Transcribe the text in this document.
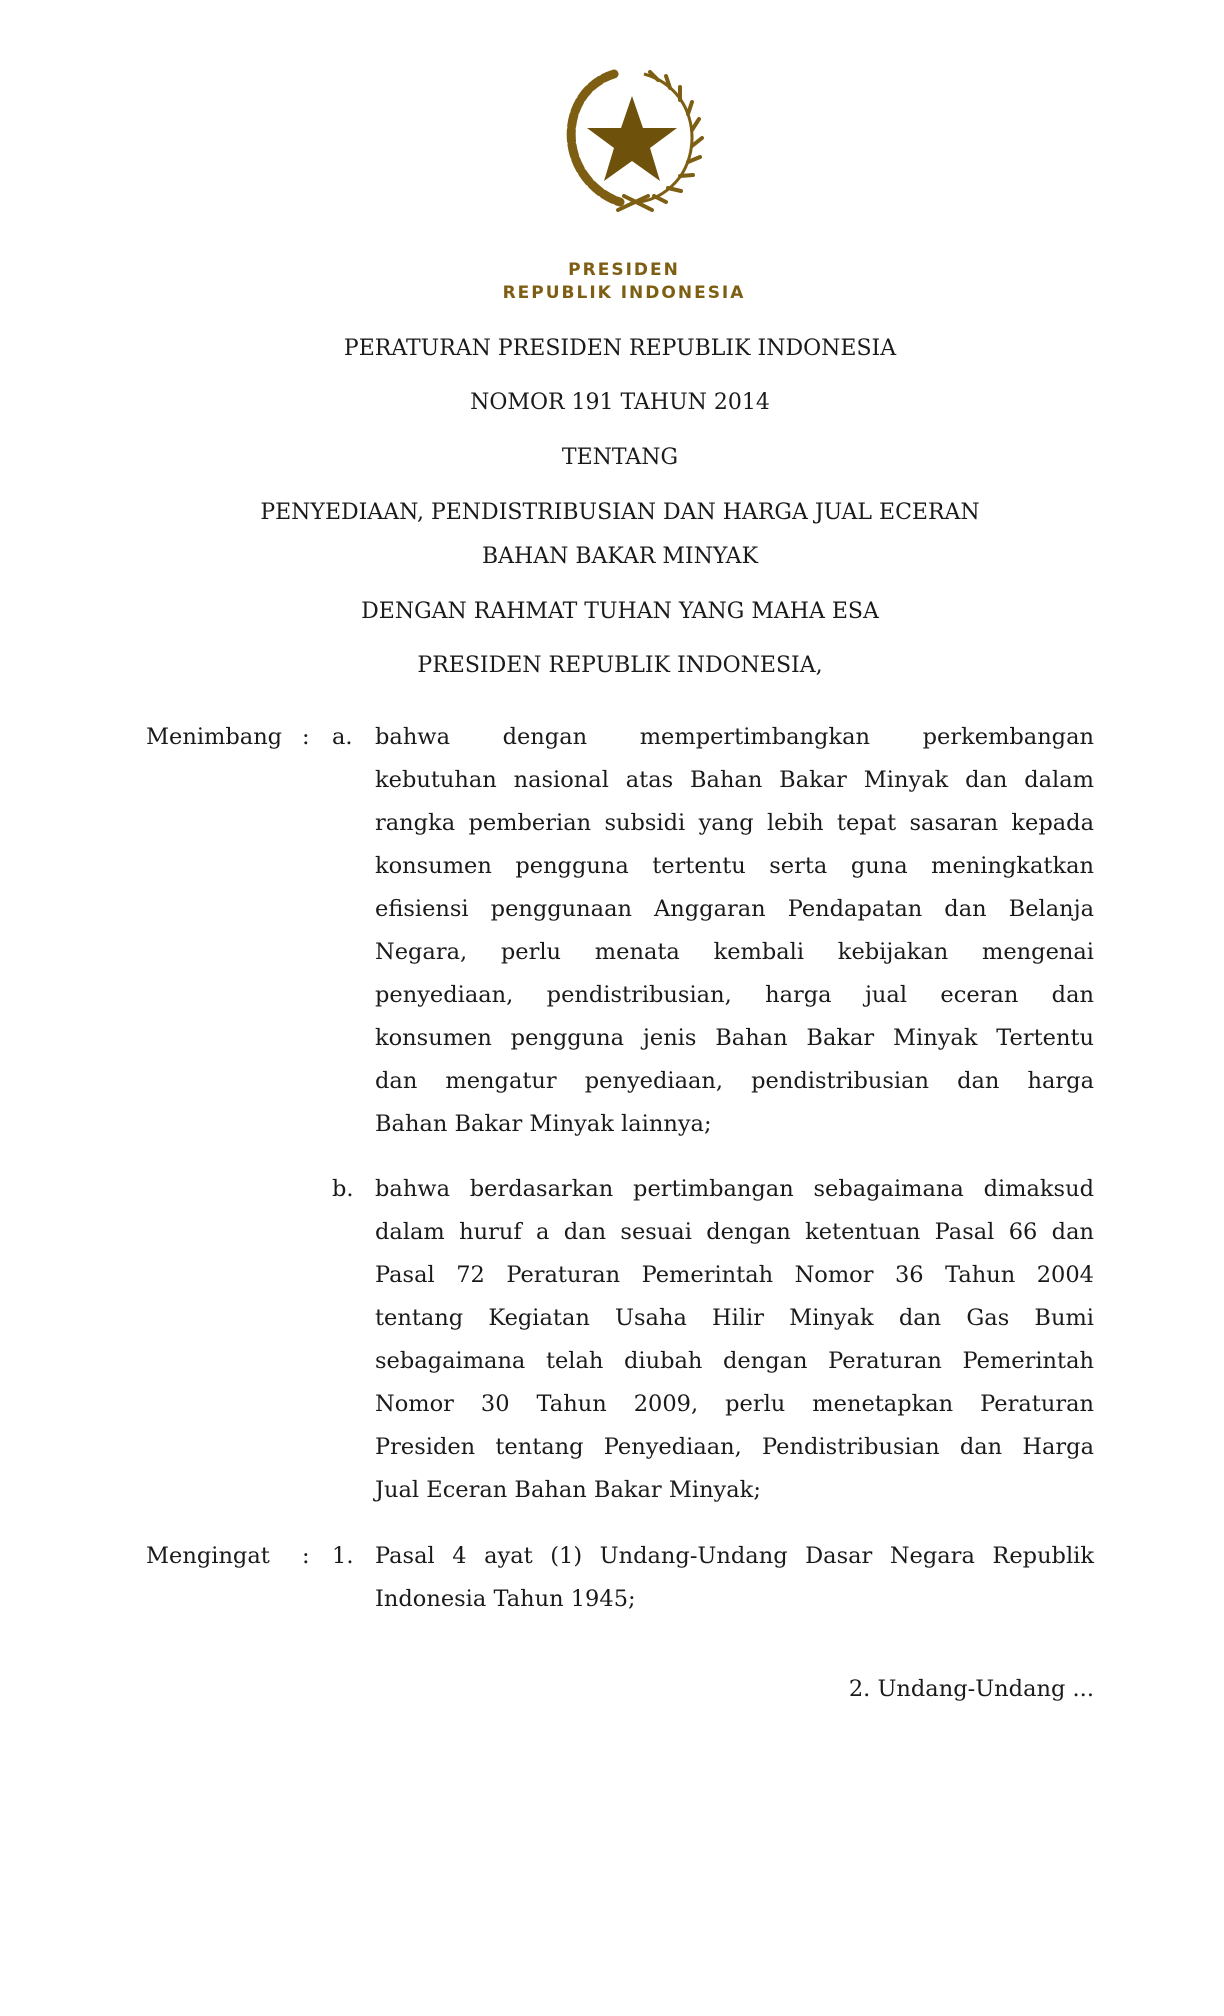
PRESIDEN
REPUBLIK INDONESIA
PERATURAN PRESIDEN REPUBLIK INDONESIA
NOMOR 191 TAHUN 2014
TENTANG
PENYEDIAAN, PENDISTRIBUSIAN DAN HARGA JUAL ECERAN
BAHAN BAKAR MINYAK
DENGAN RAHMAT TUHAN YANG MAHA ESA
PRESIDEN REPUBLIK INDONESIA,
Menimbang : a. bahwa dengan mempertimbangkan perkembangan
kebutuhan nasional atas Bahan Bakar Minyak dan dalam
rangka pemberian subsidi yang lebih tepat sasaran kepada
konsumen pengguna tertentu serta guna meningkatkan
efisiensi penggunaan Anggaran Pendapatan dan Belanja
Negara, perlu menata kembali kebijakan mengenai
penyediaan, pendistribusian, harga jual eceran dan
konsumen pengguna jenis Bahan Bakar Minyak Tertentu
dan mengatur penyediaan, pendistribusian dan harga
Bahan Bakar Minyak lainnya;
b. bahwa berdasarkan pertimbangan sebagaimana dimaksud
dalam huruf a dan sesuai dengan ketentuan Pasal 66 dan
Pasal 72 Peraturan Pemerintah Nomor 36 Tahun 2004
tentang Kegiatan Usaha Hilir Minyak dan Gas Bumi
sebagaimana telah diubah dengan Peraturan Pemerintah
Nomor 30 Tahun 2009, perlu menetapkan Peraturan
Presiden tentang Penyediaan, Pendistribusian dan Harga
Jual Eceran Bahan Bakar Minyak;
Mengingat : 1. Pasal 4 ayat (1) Undang-Undang Dasar Negara Republik
Indonesia Tahun 1945;
2. Undang-Undang ...
